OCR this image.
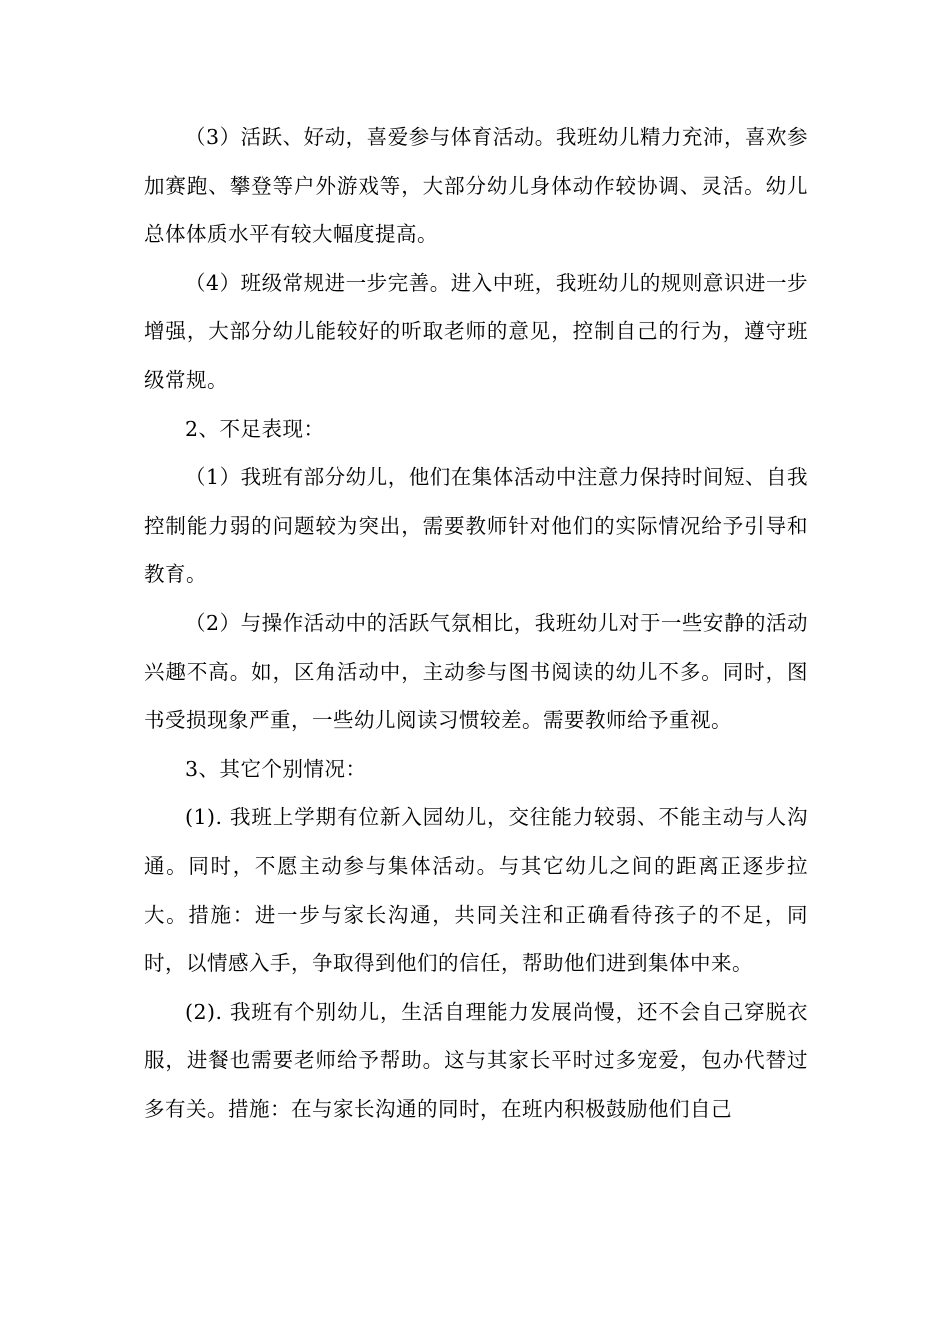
（3）活跃、好动，喜爱参与体育活动。我班幼儿精力充沛，喜欢参加赛跑、攀登等户外游戏等，大部分幼儿身体动作较协调、灵活。幼儿总体体质水平有较大幅度提高。

（4）班级常规进一步完善。进入中班，我班幼儿的规则意识进一步增强，大部分幼儿能较好的听取老师的意见，控制自己的行为，遵守班级常规。

2、不足表现：

（1）我班有部分幼儿，他们在集体活动中注意力保持时间短、自我控制能力弱的问题较为突出，需要教师针对他们的实际情况给予引导和教育。

（2）与操作活动中的活跃气氛相比，我班幼儿对于一些安静的活动兴趣不高。如，区角活动中，主动参与图书阅读的幼儿不多。同时，图书受损现象严重，一些幼儿阅读习惯较差。需要教师给予重视。

3、其它个别情况：

(1). 我班上学期有位新入园幼儿，交往能力较弱、不能主动与人沟通。同时，不愿主动参与集体活动。与其它幼儿之间的距离正逐步拉大。措施：进一步与家长沟通，共同关注和正确看待孩子的不足，同时，以情感入手，争取得到他们的信任，帮助他们进到集体中来。

(2). 我班有个别幼儿，生活自理能力发展尚慢，还不会自己穿脱衣服，进餐也需要老师给予帮助。这与其家长平时过多宠爱，包办代替过多有关。措施：在与家长沟通的同时，在班内积极鼓励他们自己
